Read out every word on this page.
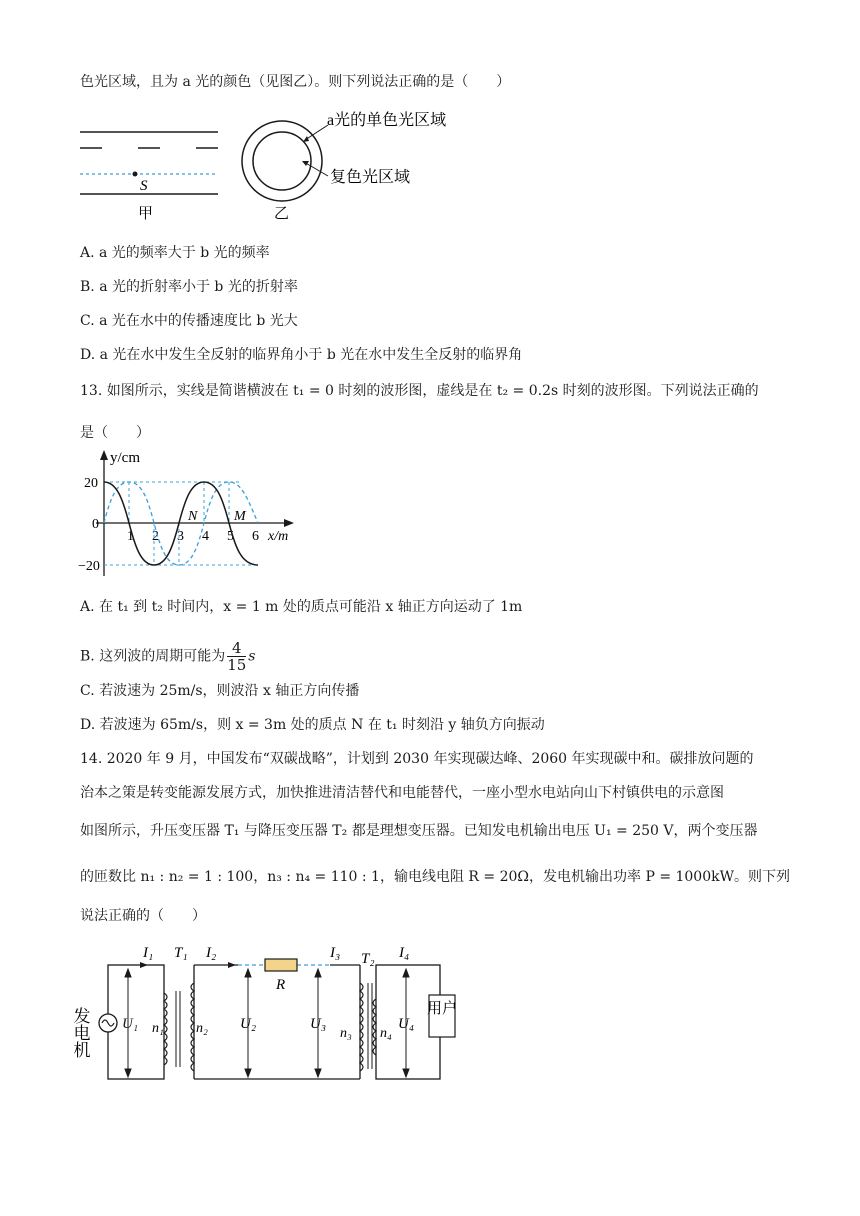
色光区域，且为 a 光的颜色（见图乙）。则下列说法正确的是（　　）
S
甲
a光的单色光区域
复色光区域
乙
A. a 光的频率大于 b 光的频率
B. a 光的折射率小于 b 光的折射率
C. a 光在水中的传播速度比 b 光大
D. a 光在水中发生全反射的临界角小于 b 光在水中发生全反射的临界角
13. 如图所示，实线是简谐横波在 t₁ = 0 时刻的波形图，虚线是在 t₂ = 0.2s 时刻的波形图。下列说法正确的
是（　　）
y/cm
x/m
20
0
−20
1 2 3 4 5 6
N	M
A. 在 t₁ 到 t₂ 时间内，x = 1 m 处的质点可能沿 x 轴正方向运动了 1m
B. 这列波的周期可能为 $\frac{4}{15}$ s
C. 若波速为 25m/s，则波沿 x 轴正方向传播
D. 若波速为 65m/s，则 x = 3m 处的质点 N 在 t₁ 时刻沿 y 轴负方向振动
14. 2020 年 9 月，中国发布“双碳战略”，计划到 2030 年实现碳达峰、2060 年实现碳中和。碳排放问题的
治本之策是转变能源发展方式，加快推进清洁替代和电能替代，一座小型水电站向山下村镇供电的示意图
如图所示，升压变压器 T₁ 与降压变压器 T₂ 都是理想变压器。已知发电机输出电压 U₁ = 250 V，两个变压器
的匝数比 n₁ : n₂ = 1 : 100，n₃ : n₄ = 110 : 1，输电线电阻 R = 20Ω，发电机输出功率 P = 1000kW。则下列
说法正确的（　　）
用户
发电机
I₁ T₁ I₂	I₃ T₂ I₄
R
U₁ n₁ n₂ U₂	U₃
n₃ n₄
U₄
